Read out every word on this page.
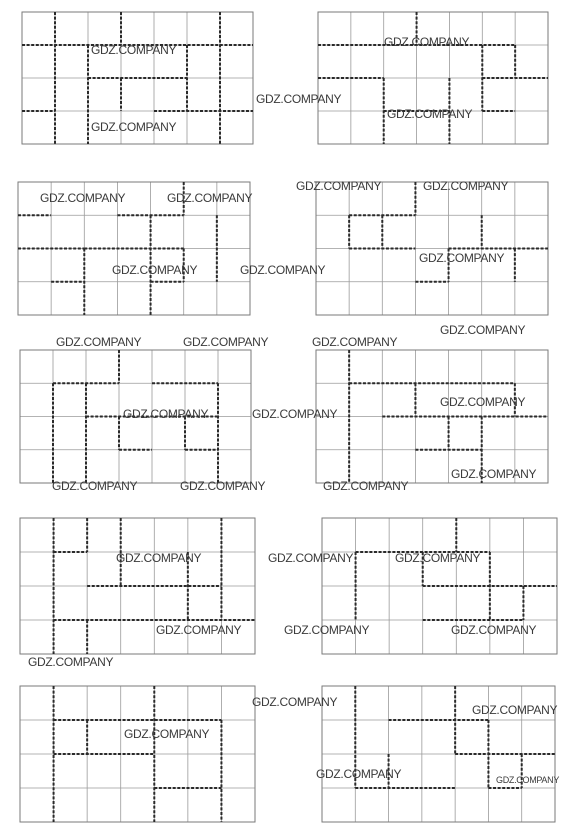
GDZ.COMPANY
GDZ.COMPANY
GDZ.COMPANY
GDZ.COMPANY
GDZ.COMPANY
GDZ.COMPANY	GDZ.COMPANY
GDZ.COMPANY	GDZ.COMPANY
GDZ.COMPANY	GDZ.COMPANY
GDZ.COMPANY
GDZ.COMPANY
GDZ.COMPANY	GDZ.COMPANY	GDZ.COMPANY
GDZ.COMPANY
GDZ.COMPANY	GDZ.COMPANY
GDZ.COMPANY
GDZ.COMPANY	GDZ.COMPANY	GDZ.COMPANY
GDZ.COMPANY	GDZ.COMPANY	GDZ.COMPANY
GDZ.COMPANY	GDZ.COMPANY	GDZ.COMPANY
GDZ.COMPANY
GDZ.COMPANY
GDZ.COMPANY
GDZ.COMPANY
GDZ.COMPANY	GDZ.COMPANY
